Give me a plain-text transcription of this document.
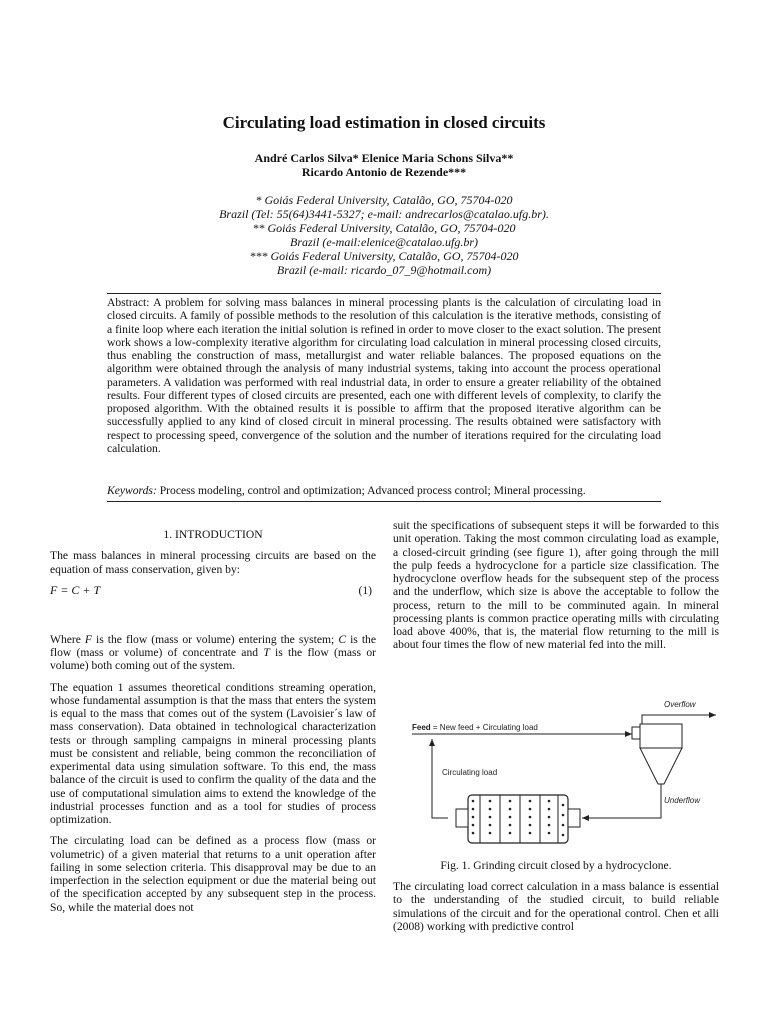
Circulating load estimation in closed circuits
André Carlos Silva* Elenice Maria Schons Silva**
Ricardo Antonio de Rezende***
* Goiás Federal University, Catalão, GO, 75704-020
Brazil (Tel: 55(64)3441-5327; e-mail: andrecarlos@catalao.ufg.br).
** Goiás Federal University, Catalão, GO, 75704-020
Brazil (e-mail:elenice@catalao.ufg.br)
*** Goiás Federal University, Catalão, GO, 75704-020
Brazil (e-mail: ricardo_07_9@hotmail.com)
Abstract: A problem for solving mass balances in mineral processing plants is the calculation of circulating load in closed circuits. A family of possible methods to the resolution of this calculation is the iterative methods, consisting of a finite loop where each iteration the initial solution is refined in order to move closer to the exact solution. The present work shows a low-complexity iterative algorithm for circulating load calculation in mineral processing closed circuits, thus enabling the construction of mass, metallurgist and water reliable balances. The proposed equations on the algorithm were obtained through the analysis of many industrial systems, taking into account the process operational parameters. A validation was performed with real industrial data, in order to ensure a greater reliability of the obtained results. Four different types of closed circuits are presented, each one with different levels of complexity, to clarify the proposed algorithm. With the obtained results it is possible to affirm that the proposed iterative algorithm can be successfully applied to any kind of closed circuit in mineral processing. The results obtained were satisfactory with respect to processing speed, convergence of the solution and the number of iterations required for the circulating load calculation.
Keywords: Process modeling, control and optimization; Advanced process control; Mineral processing.

1. INTRODUCTION

The mass balances in mineral processing circuits are based on the equation of mass conservation, given by:

F = C + T	(1)

Where F is the flow (mass or volume) entering the system; C is the flow (mass or volume) of concentrate and T is the flow (mass or volume) both coming out of the system.

The equation 1 assumes theoretical conditions streaming operation, whose fundamental assumption is that the mass that enters the system is equal to the mass that comes out of the system (Lavoisier´s law of mass conservation). Data obtained in technological characterization tests or through sampling campaigns in mineral processing plants must be consistent and reliable, being common the reconciliation of experimental data using simulation software. To this end, the mass balance of the circuit is used to confirm the quality of the data and the use of computational simulation aims to extend the knowledge of the industrial processes function and as a tool for studies of process optimization.

The circulating load can be defined as a process flow (mass or volumetric) of a given material that returns to a unit operation after failing in some selection criteria. This disapproval may be due to an imperfection in the selection equipment or due the material being out of the specification accepted by any subsequent step in the process. So, while the material does not

suit the specifications of subsequent steps it will be forwarded to this unit operation. Taking the most common circulating load as example, a closed-circuit grinding (see figure 1), after going through the mill the pulp feeds a hydrocyclone for a particle size classification. The hydrocyclone overflow heads for the subsequent step of the process and the underflow, which size is above the acceptable to follow the process, return to the mill to be comminuted again. In mineral processing plants is common practice operating mills with circulating load above 400%, that is, the material flow returning to the mill is about four times the flow of new material fed into the mill.

Feed = New feed + Circulating load
Overflow
Underflow
Circulating load
Fig. 1. Grinding circuit closed by a hydrocyclone.
The circulating load correct calculation in a mass balance is essential to the understanding of the studied circuit, to build reliable simulations of the circuit and for the operational control. Chen et alli (2008) working with predictive control
